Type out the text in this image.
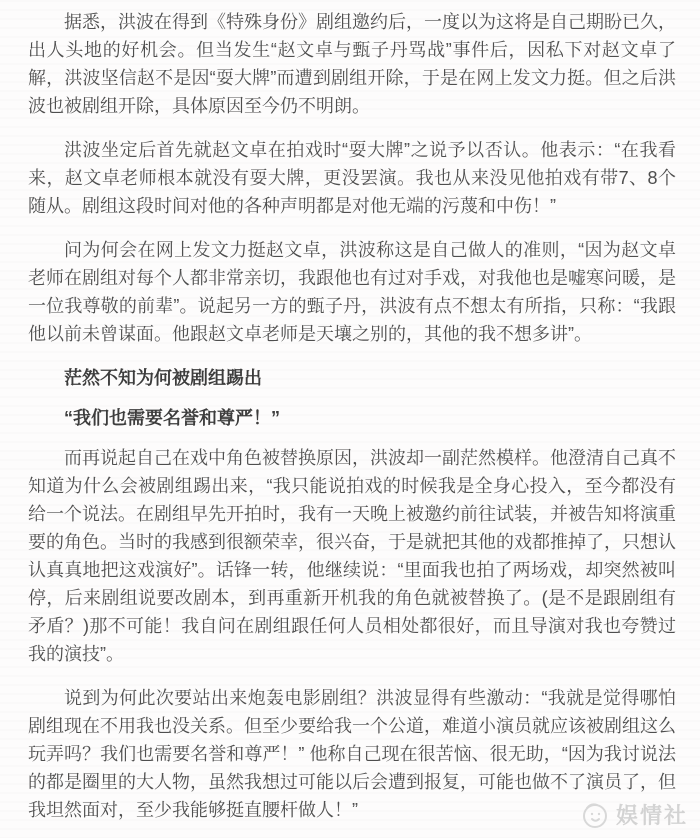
据悉，洪波在得到《特殊身份》剧组邀约后，一度以为这将是自己期盼已久，出人头地的好机会。但当发生“赵文卓与甄子丹骂战”事件后，因私下对赵文卓了解，洪波坚信赵不是因“耍大牌”而遭到剧组开除，于是在网上发文力挺。但之后洪波也被剧组开除，具体原因至今仍不明朗。

洪波坐定后首先就赵文卓在拍戏时“耍大牌”之说予以否认。他表示：“在我看来，赵文卓老师根本就没有耍大牌，更没罢演。我也从来没见他拍戏有带7、8个随从。剧组这段时间对他的各种声明都是对他无端的污蔑和中伤！”

问为何会在网上发文力挺赵文卓，洪波称这是自己做人的准则，“因为赵文卓老师在剧组对每个人都非常亲切，我跟他也有过对手戏，对我他也是嘘寒问暖，是一位我尊敬的前辈”。说起另一方的甄子丹，洪波有点不想太有所指，只称：“我跟他以前未曾谋面。他跟赵文卓老师是天壤之别的，其他的我不想多讲”。

茫然不知为何被剧组踢出
“我们也需要名誉和尊严！”

而再说起自己在戏中角色被替换原因，洪波却一副茫然模样。他澄清自己真不知道为什么会被剧组踢出来，“我只能说拍戏的时候我是全身心投入，至今都没有给一个说法。在剧组早先开拍时，我有一天晚上被邀约前往试装，并被告知将演重要的角色。当时的我感到很额荣幸，很兴奋，于是就把其他的戏都推掉了，只想认认真真地把这戏演好”。话锋一转，他继续说：“里面我也拍了两场戏，却突然被叫停，后来剧组说要改剧本，到再重新开机我的角色就被替换了。(是不是跟剧组有矛盾？)那不可能！我自问在剧组跟任何人员相处都很好，而且导演对我也夸赞过我的演技”。

说到为何此次要站出来炮轰电影剧组？洪波显得有些激动：“我就是觉得哪怕剧组现在不用我也没关系。但至少要给我一个公道，难道小演员就应该被剧组这么玩弄吗？我们也需要名誉和尊严！” 他称自己现在很苦恼、很无助，“因为我讨说法的都是圈里的大人物，虽然我想过可能以后会遭到报复，可能也做不了演员了，但我坦然面对，至少我能够挺直腰杆做人！”	娱情社
